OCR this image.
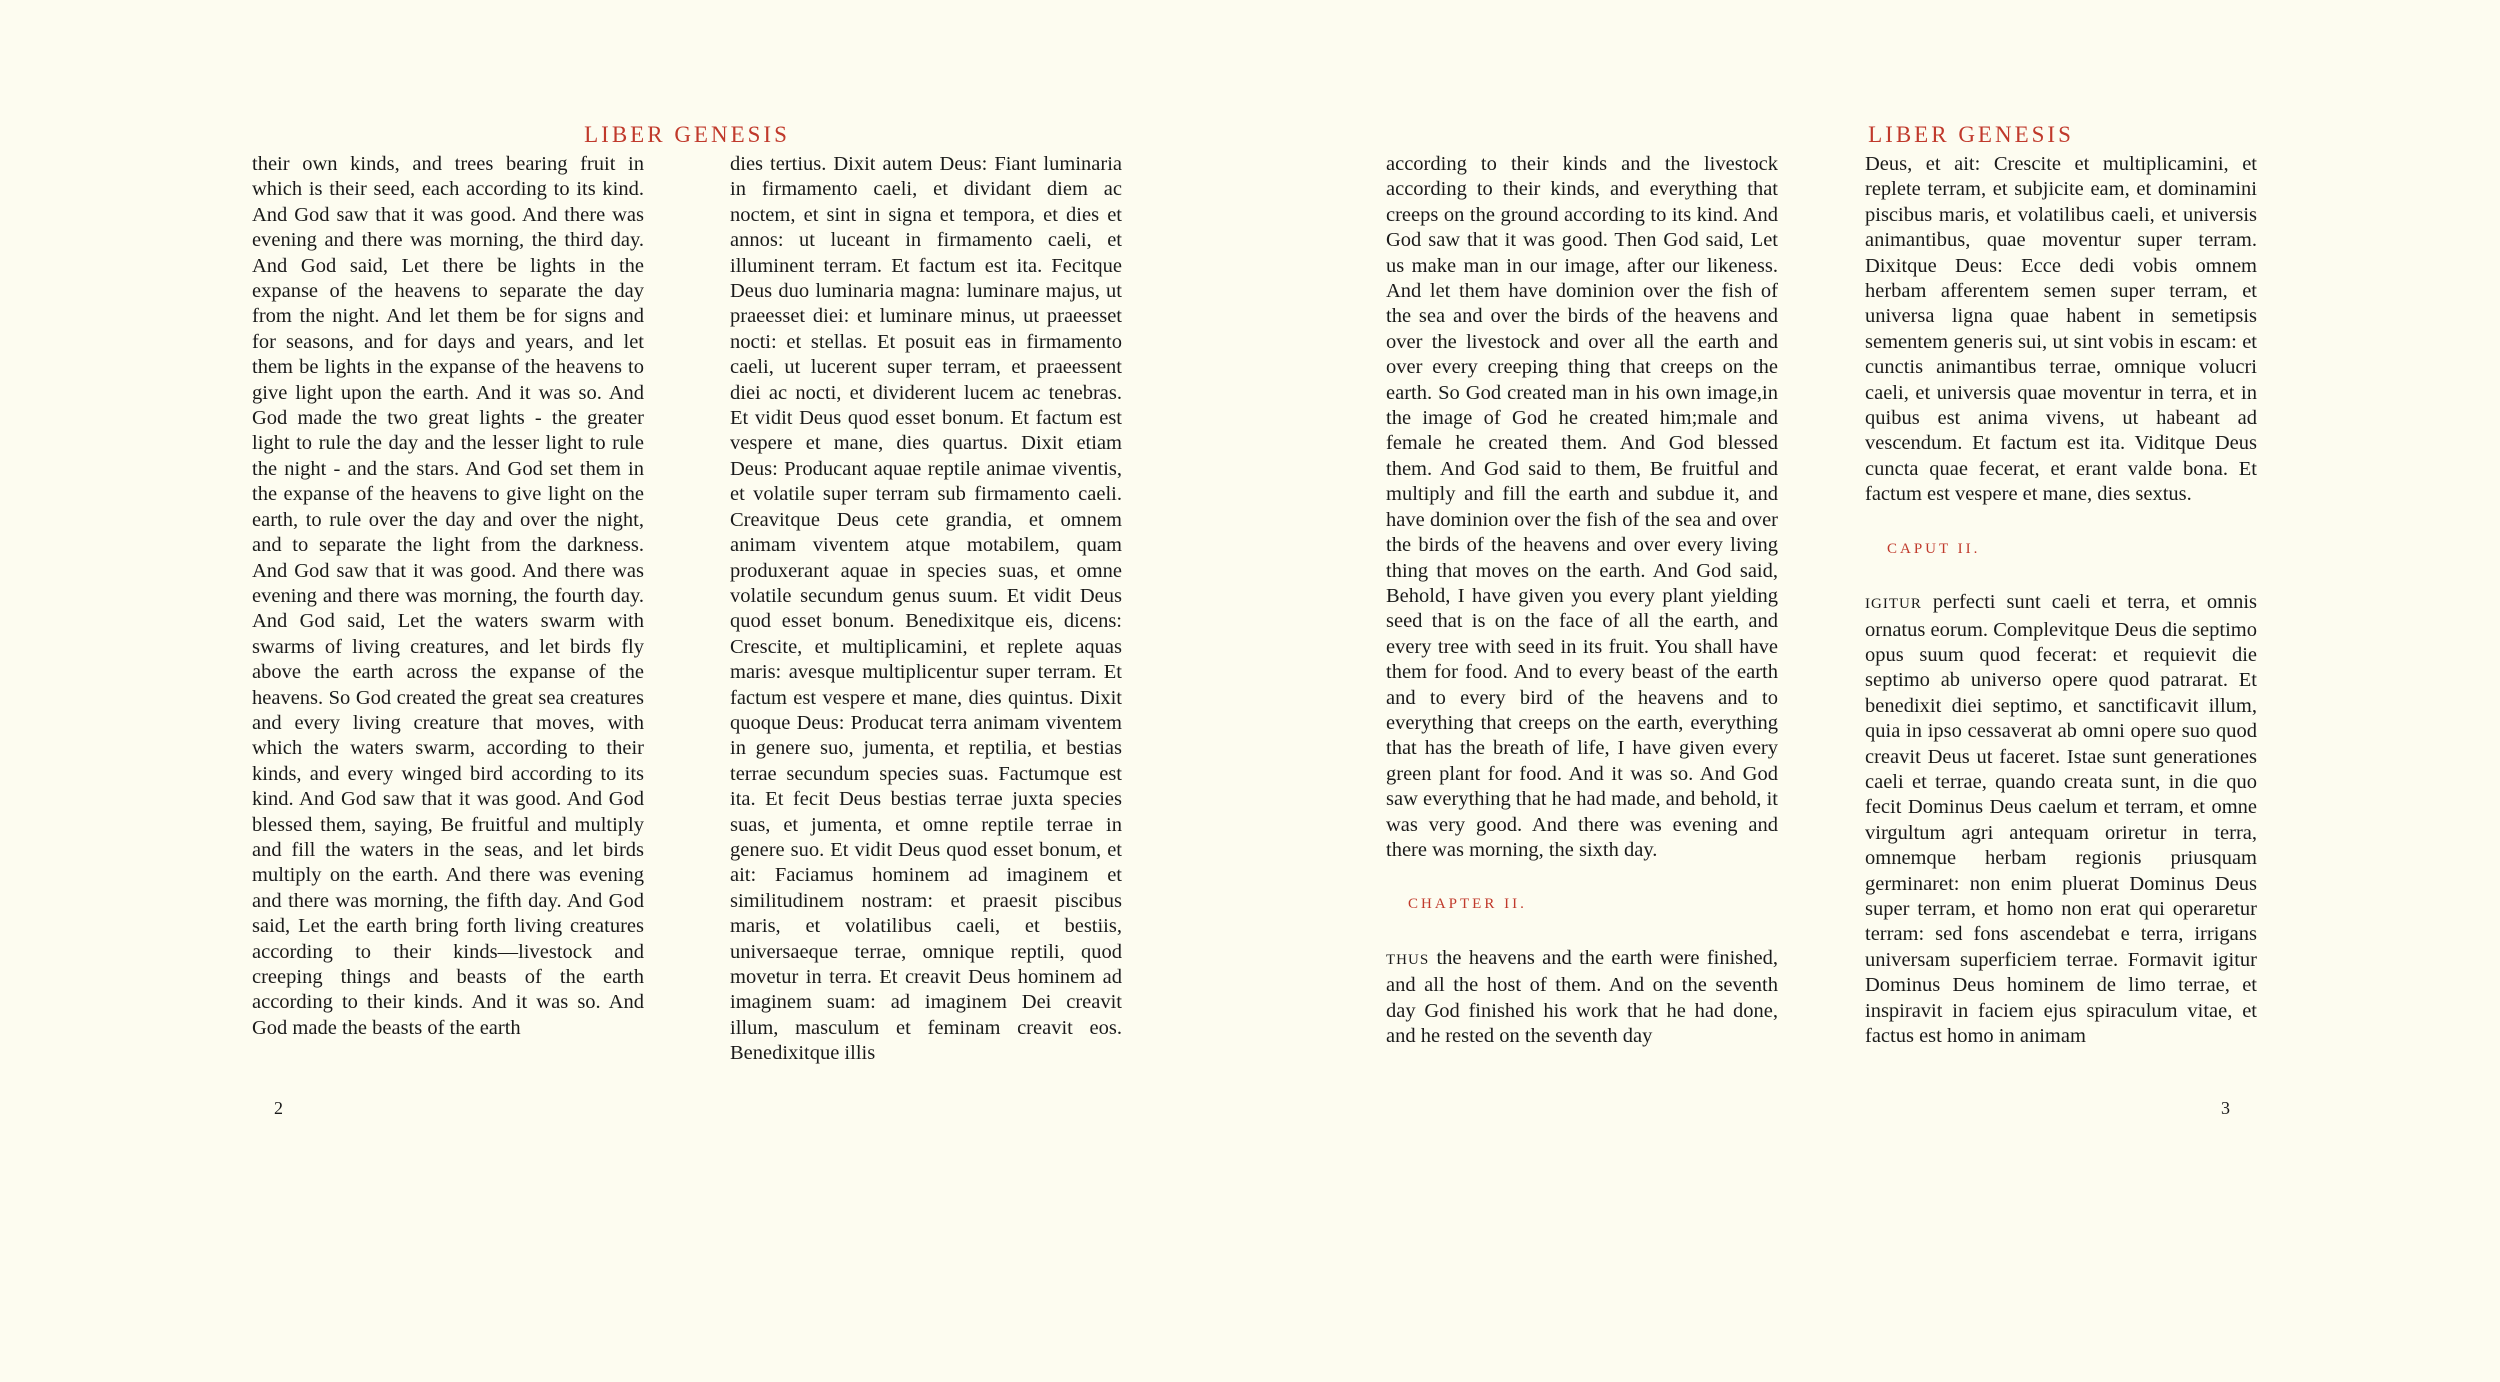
LIBER GENESIS

their own kinds, and trees bearing fruit in which is their seed, each according to its kind. And God saw that it was good. And there was evening and there was morning, the third day. And God said, Let there be lights in the expanse of the heavens to separate the day from the night. And let them be for signs and for seasons, and for days and years, and let them be lights in the expanse of the heavens to give light upon the earth. And it was so. And God made the two great lights - the greater light to rule the day and the lesser light to rule the night - and the stars. And God set them in the expanse of the heavens to give light on the earth, to rule over the day and over the night, and to separate the light from the darkness. And God saw that it was good. And there was evening and there was morning, the fourth day. And God said, Let the waters swarm with swarms of living creatures, and let birds fly above the earth across the expanse of the heavens. So God created the great sea creatures and every living creature that moves, with which the waters swarm, according to their kinds, and every winged bird according to its kind. And God saw that it was good. And God blessed them, saying, Be fruitful and multiply and fill the waters in the seas, and let birds multiply on the earth. And there was evening and there was morning, the fifth day. And God said, Let the earth bring forth living creatures according to their kinds—livestock and creeping things and beasts of the earth according to their kinds. And it was so. And God made the beasts of the earth

dies tertius. Dixit autem Deus: Fiant luminaria in firmamento caeli, et dividant diem ac noctem, et sint in signa et tempora, et dies et annos: ut luceant in firmamento caeli, et illuminent terram. Et factum est ita. Fecitque Deus duo luminaria magna: luminare majus, ut praeesset diei: et luminare minus, ut praeesset nocti: et stellas. Et posuit eas in firmamento caeli, ut lucerent super terram, et praeessent diei ac nocti, et dividerent lucem ac tenebras. Et vidit Deus quod esset bonum. Et factum est vespere et mane, dies quartus. Dixit etiam Deus: Producant aquae reptile animae viventis, et volatile super terram sub firmamento caeli. Creavitque Deus cete grandia, et omnem animam viventem atque motabilem, quam produxerant aquae in species suas, et omne volatile secundum genus suum. Et vidit Deus quod esset bonum. Benedixitque eis, dicens: Crescite, et multiplicamini, et replete aquas maris: avesque multiplicentur super terram. Et factum est vespere et mane, dies quintus. Dixit quoque Deus: Producat terra animam viventem in genere suo, jumenta, et reptilia, et bestias terrae secundum species suas. Factumque est ita. Et fecit Deus bestias terrae juxta species suas, et jumenta, et omne reptile terrae in genere suo. Et vidit Deus quod esset bonum, et ait: Faciamus hominem ad imaginem et similitudinem nostram: et praesit piscibus maris, et volatilibus caeli, et bestiis, universaeque terrae, omnique reptili, quod movetur in terra. Et creavit Deus hominem ad imaginem suam: ad imaginem Dei creavit illum, masculum et feminam creavit eos. Benedixitque illis

2
LIBER GENESIS

according to their kinds and the livestock according to their kinds, and everything that creeps on the ground according to its kind. And God saw that it was good. Then God said, Let us make man in our image, after our likeness. And let them have dominion over the fish of the sea and over the birds of the heavens and over the livestock and over all the earth and over every creeping thing that creeps on the earth. So God created man in his own image,in the image of God he created him;male and female he created them. And God blessed them. And God said to them, Be fruitful and multiply and fill the earth and subdue it, and have dominion over the fish of the sea and over the birds of the heavens and over every living thing that moves on the earth. And God said, Behold, I have given you every plant yielding seed that is on the face of all the earth, and every tree with seed in its fruit. You shall have them for food. And to every beast of the earth and to every bird of the heavens and to everything that creeps on the earth, everything that has the breath of life, I have given every green plant for food. And it was so. And God saw everything that he had made, and behold, it was very good. And there was evening and there was morning, the sixth day.

CHAPTER II.

THUS the heavens and the earth were finished, and all the host of them. And on the seventh day God finished his work that he had done, and he rested on the seventh day

Deus, et ait: Crescite et multiplicamini, et replete terram, et subjicite eam, et dominamini piscibus maris, et volatilibus caeli, et universis animantibus, quae moventur super terram. Dixitque Deus: Ecce dedi vobis omnem herbam afferentem semen super terram, et universa ligna quae habent in semetipsis sementem generis sui, ut sint vobis in escam: et cunctis animantibus terrae, omnique volucri caeli, et universis quae moventur in terra, et in quibus est anima vivens, ut habeant ad vescendum. Et factum est ita. Viditque Deus cuncta quae fecerat, et erant valde bona. Et factum est vespere et mane, dies sextus.

CAPUT II.

IGITUR perfecti sunt caeli et terra, et omnis ornatus eorum. Complevitque Deus die septimo opus suum quod fecerat: et requievit die septimo ab universo opere quod patrarat. Et benedixit diei septimo, et sanctificavit illum, quia in ipso cessaverat ab omni opere suo quod creavit Deus ut faceret. Istae sunt generationes caeli et terrae, quando creata sunt, in die quo fecit Dominus Deus caelum et terram, et omne virgultum agri antequam oriretur in terra, omnemque herbam regionis priusquam germinaret: non enim pluerat Dominus Deus super terram, et homo non erat qui operaretur terram: sed fons ascendebat e terra, irrigans universam superficiem terrae. Formavit igitur Dominus Deus hominem de limo terrae, et inspiravit in faciem ejus spiraculum vitae, et factus est homo in animam

3
